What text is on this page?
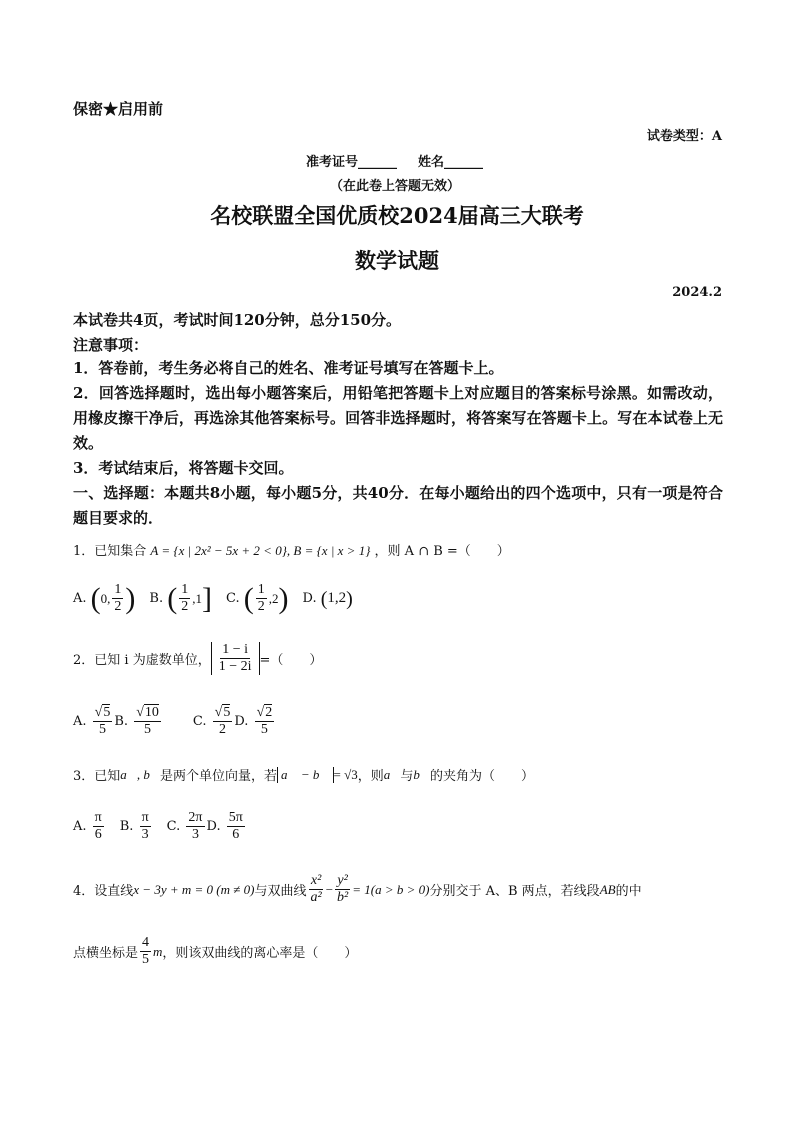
保密★启用前
试卷类型：A
准考证号______ 姓名______
（在此卷上答题无效）
名校联盟全国优质校2024届高三大联考
数学试题
2024.2
本试卷共4页，考试时间120分钟，总分150分。
注意事项：
1．答卷前，考生务必将自己的姓名、准考证号填写在答题卡上。
2．回答选择题时，选出每小题答案后，用铅笔把答题卡上对应题目的答案标号涂黑。如需改动，用橡皮擦干净后，再选涂其他答案标号。回答非选择题时，将答案写在答题卡上。写在本试卷上无效。
3．考试结束后，将答题卡交回。
一、选择题：本题共8小题，每小题5分，共40分．在每小题给出的四个选项中，只有一项是符合题目要求的．
1．已知集合 A = {x | 2x² − 5x + 2 < 0}, B = {x | x > 1} ，则 A ∩ B =（　　）
A.
( 0, $\frac{1}{2}$ ) B.
( $\frac{1}{2} ,1$ ] C.
( $\frac{1}{2} ,2$ ) D.
( 1,2 )
2．已知 i 为虚数单位， $\frac{1 - i}{1 - 2i}$ =（　　）
A.
$\frac{√5}{5} B$.
$\frac{√10}{5} C$.
$\frac{√5}{2} D$.
$\frac{√2}{5}$
3．已知 a⃗, b⃗ 是两个单位向量，若 a⃗ − b⃗ = √3 ，则 a⃗ 与 b⃗ 的夹角为（　　）
A.
$\frac{\pi}{6} B$.
$\frac{\pi}{3} C$.
$\frac{2\pi}{3} D$.
$\frac{5\pi}{6}$
4．设直线 x − 3y + m = 0 (m ≠ 0) 与双曲线 $\frac{\text{x²}}{\text{a²}} - \frac{\text{y²}}{\text{b²}} = 1(a > b > 0)$ 分别交于 A、B 两点，若线段 AB 的中
点横坐标是 $\frac{4}{5}$ m ，则该双曲线的离心率是（　　）
